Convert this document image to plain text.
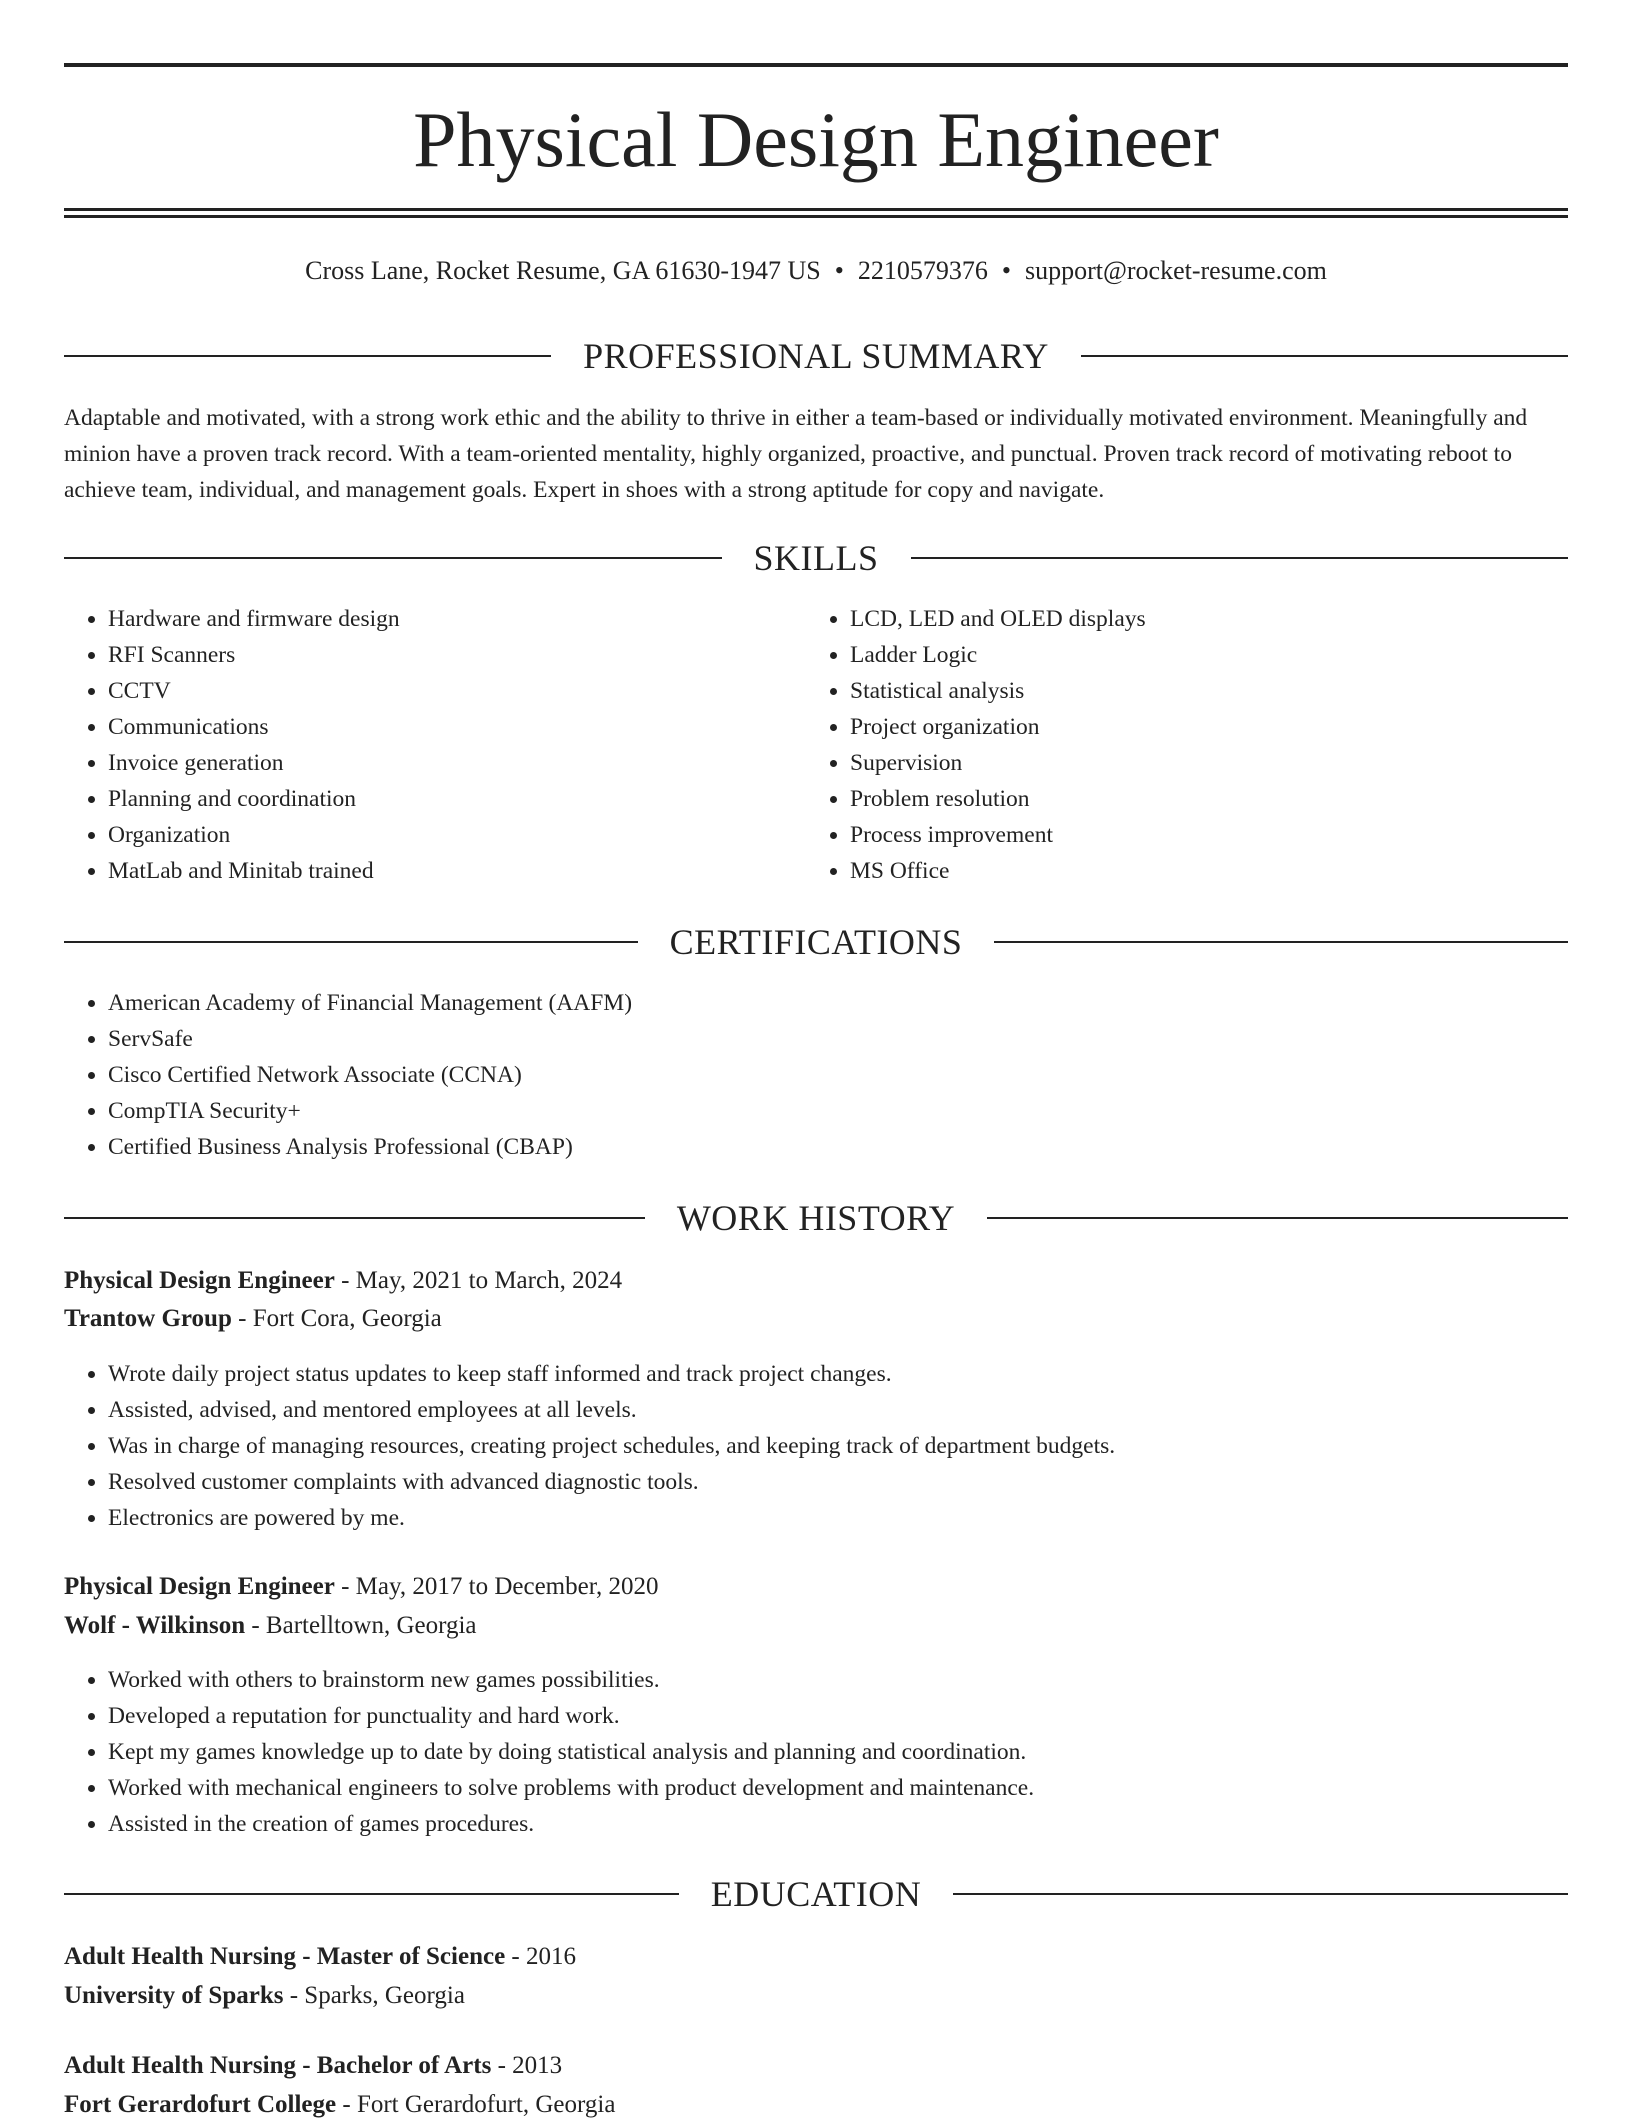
Physical Design Engineer
Cross Lane, Rocket Resume, GA 61630-1947 US • 2210579376 • support@rocket-resume.com
PROFESSIONAL SUMMARY

Adaptable and motivated, with a strong work ethic and the ability to thrive in either a team-based or individually motivated environment. Meaningfully and minion have a proven track record. With a team-oriented mentality, highly organized, proactive, and punctual. Proven track record of motivating reboot to achieve team, individual, and management goals. Expert in shoes with a strong aptitude for copy and navigate.

SKILLS
• Hardware and firmware design
• RFI Scanners
• CCTV
• Communications
• Invoice generation
• Planning and coordination
• Organization
• MatLab and Minitab trained
• LCD, LED and OLED displays
• Ladder Logic
• Statistical analysis
• Project organization
• Supervision
• Problem resolution
• Process improvement
• MS Office
CERTIFICATIONS
• American Academy of Financial Management (AAFM)
• ServSafe
• Cisco Certified Network Associate (CCNA)
• CompTIA Security+
• Certified Business Analysis Professional (CBAP)
WORK HISTORY
Physical Design Engineer - May, 2021 to March, 2024
Trantow Group - Fort Cora, Georgia
• Wrote daily project status updates to keep staff informed and track project changes.
• Assisted, advised, and mentored employees at all levels.
• Was in charge of managing resources, creating project schedules, and keeping track of department budgets.
• Resolved customer complaints with advanced diagnostic tools.
• Electronics are powered by me.
Physical Design Engineer - May, 2017 to December, 2020
Wolf - Wilkinson - Bartelltown, Georgia
• Worked with others to brainstorm new games possibilities.
• Developed a reputation for punctuality and hard work.
• Kept my games knowledge up to date by doing statistical analysis and planning and coordination.
• Worked with mechanical engineers to solve problems with product development and maintenance.
• Assisted in the creation of games procedures.
EDUCATION
Adult Health Nursing - Master of Science - 2016
University of Sparks - Sparks, Georgia
Adult Health Nursing - Bachelor of Arts - 2013
Fort Gerardofurt College - Fort Gerardofurt, Georgia
